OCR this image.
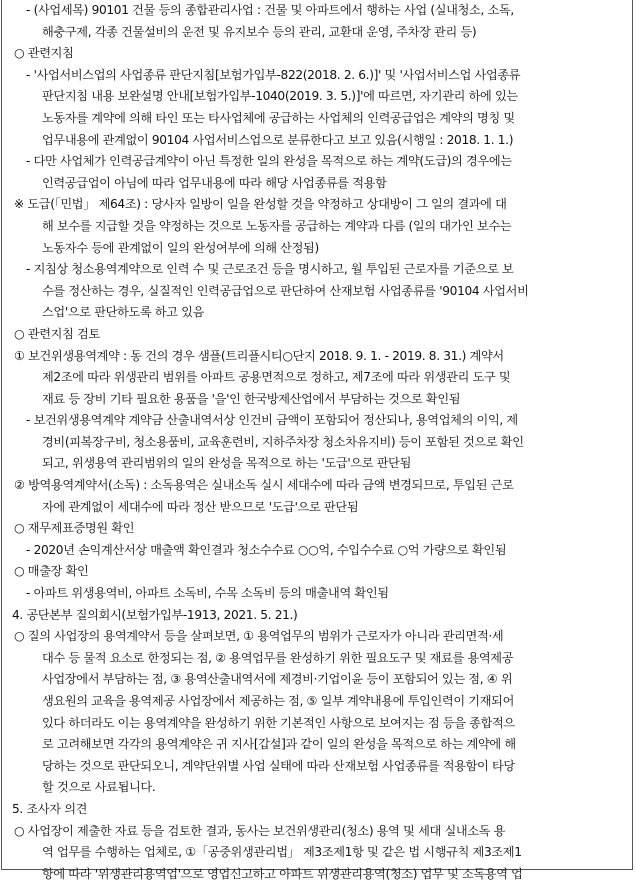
- (사업세목) 90101 건물 등의 종합관리사업 : 건물 및 아파트에서 행하는 사업 (실내청소, 소독,
해충구제, 각종 건물설비의 운전 및 유지보수 등의 관리, 교환대 운영, 주차장 관리 등)
○ 관련지침
- '사업서비스업의 사업종류 판단지침[보험가입부-822(2018. 2. 6.)]' 및 '사업서비스업 사업종류
판단지침 내용 보완설명 안내[보험가입부-1040(2019. 3. 5.)]'에 따르면, 자기관리 하에 있는
노동자를 계약에 의해 타인 또는 타사업체에 공급하는 사업체의 인력공급업은 계약의 명칭 및
업무내용에 관계없이 90104 사업서비스업으로 분류한다고 보고 있음(시행일 : 2018. 1. 1.)
- 다만 사업체가 인력공급계약이 아닌 특정한 일의 완성을 목적으로 하는 계약(도급)의 경우에는
인력공급업이 아님에 따라 업무내용에 따라 해당 사업종류를 적용함
※ 도급(「민법」 제64조) : 당사자 일방이 일을 완성할 것을 약정하고 상대방이 그 일의 결과에 대
해 보수를 지급할 것을 약정하는 것으로 노동자를 공급하는 계약과 다름 (일의 대가인 보수는
노동자수 등에 관계없이 일의 완성여부에 의해 산정됨)
- 지침상 청소용역계약으로 인력 수 및 근로조건 등을 명시하고, 월 투입된 근로자를 기준으로 보
수를 정산하는 경우, 실질적인 인력공급업으로 판단하여 산재보험 사업종류를 '90104 사업서비
스업'으로 판단하도록 하고 있음
○ 관련지침 검토
① 보건위생용역계약 : 동 건의 경우 샘플(트리플시티○단지 2018. 9. 1. - 2019. 8. 31.) 계약서
제2조에 따라 위생관리 범위를 아파트 공용면적으로 정하고, 제7조에 따라 위생관리 도구 및
재료 등 장비 기타 필요한 용품을 '을'인 한국방제산업에서 부담하는 것으로 확인됨
- 보건위생용역계약 계약금 산출내역서상 인건비 금액이 포함되어 정산되나, 용역업체의 이익, 제
경비(피복장구비, 청소용품비, 교육훈련비, 지하주차장 청소차유지비) 등이 포함된 것으로 확인
되고, 위생용역 관리범위의 일의 완성을 목적으로 하는 '도급'으로 판단됨
② 방역용역계약서(소독) : 소독용역은 실내소독 실시 세대수에 따라 금액 변경되므로, 투입된 근로
자에 관계없이 세대수에 따라 정산 받으므로 '도급'으로 판단됨
○ 재무제표증명원 확인
- 2020년 손익계산서상 매출액 확인결과 청소수수료 ○○억, 수입수수료 ○억 가량으로 확인됨
○ 매출장 확인
- 아파트 위생용역비, 아파트 소독비, 수목 소독비 등의 매출내역 확인됨
4. 공단본부 질의회시(보험가입부-1913, 2021. 5. 21.)
○ 질의 사업장의 용역계약서 등을 살펴보면, ① 용역업무의 범위가 근로자가 아니라 관리면적·세
대수 등 물적 요소로 한정되는 점, ② 용역업무를 완성하기 위한 필요도구 및 재료를 용역제공
사업장에서 부담하는 점, ③ 용역산출내역서에 제경비·기업이윤 등이 포함되어 있는 점, ④ 위
생요원의 교육을 용역제공 사업장에서 제공하는 점, ⑤ 일부 계약내용에 투입인력이 기재되어
있다 하더라도 이는 용역계약을 완성하기 위한 기본적인 사항으로 보여지는 점 등을 종합적으
로 고려해보면 각각의 용역계약은 귀 지사[갑설]과 같이 일의 완성을 목적으로 하는 계약에 해
당하는 것으로 판단되오니, 계약단위별 사업 실태에 따라 산재보험 사업종류를 적용함이 타당
할 것으로 사료됩니다.
5. 조사자 의견
○ 사업장이 제출한 자료 등을 검토한 결과, 동사는 보건위생관리(청소) 용역 및 세대 실내소독 용
역 업무를 수행하는 업체로, ①「공중위생관리법」 제3조제1항 및 같은 법 시행규칙 제3조제1
항에 따라 '위생관리용역업'으로 영업신고하고 아파트 위생관리용역(청소) 업무 및 소독용역 업
